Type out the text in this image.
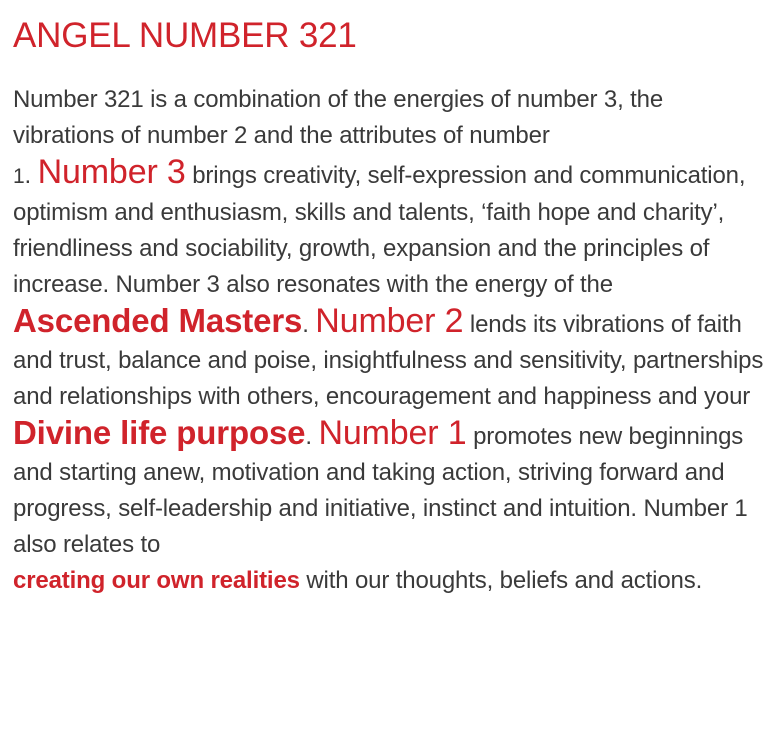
ANGEL NUMBER 321

Number 321 is a combination of the energies of number 3, the vibrations of number 2 and the attributes of number
1. Number 3 brings creativity, self-expression and communication, optimism and enthusiasm, skills and talents, ‘faith hope and charity’, friendliness and sociability, growth, expansion and the principles of increase. Number 3 also resonates with the energy of the Ascended Masters. Number 2 lends its vibrations of faith and trust, balance and poise, insightfulness and sensitivity, partnerships and relationships with others, encouragement and happiness and your Divine life purpose. Number 1 promotes new beginnings and starting anew, motivation and taking action, striving forward and progress, self-leadership and initiative, instinct and intuition. Number 1 also relates to
creating our own realities with our thoughts, beliefs and actions.
